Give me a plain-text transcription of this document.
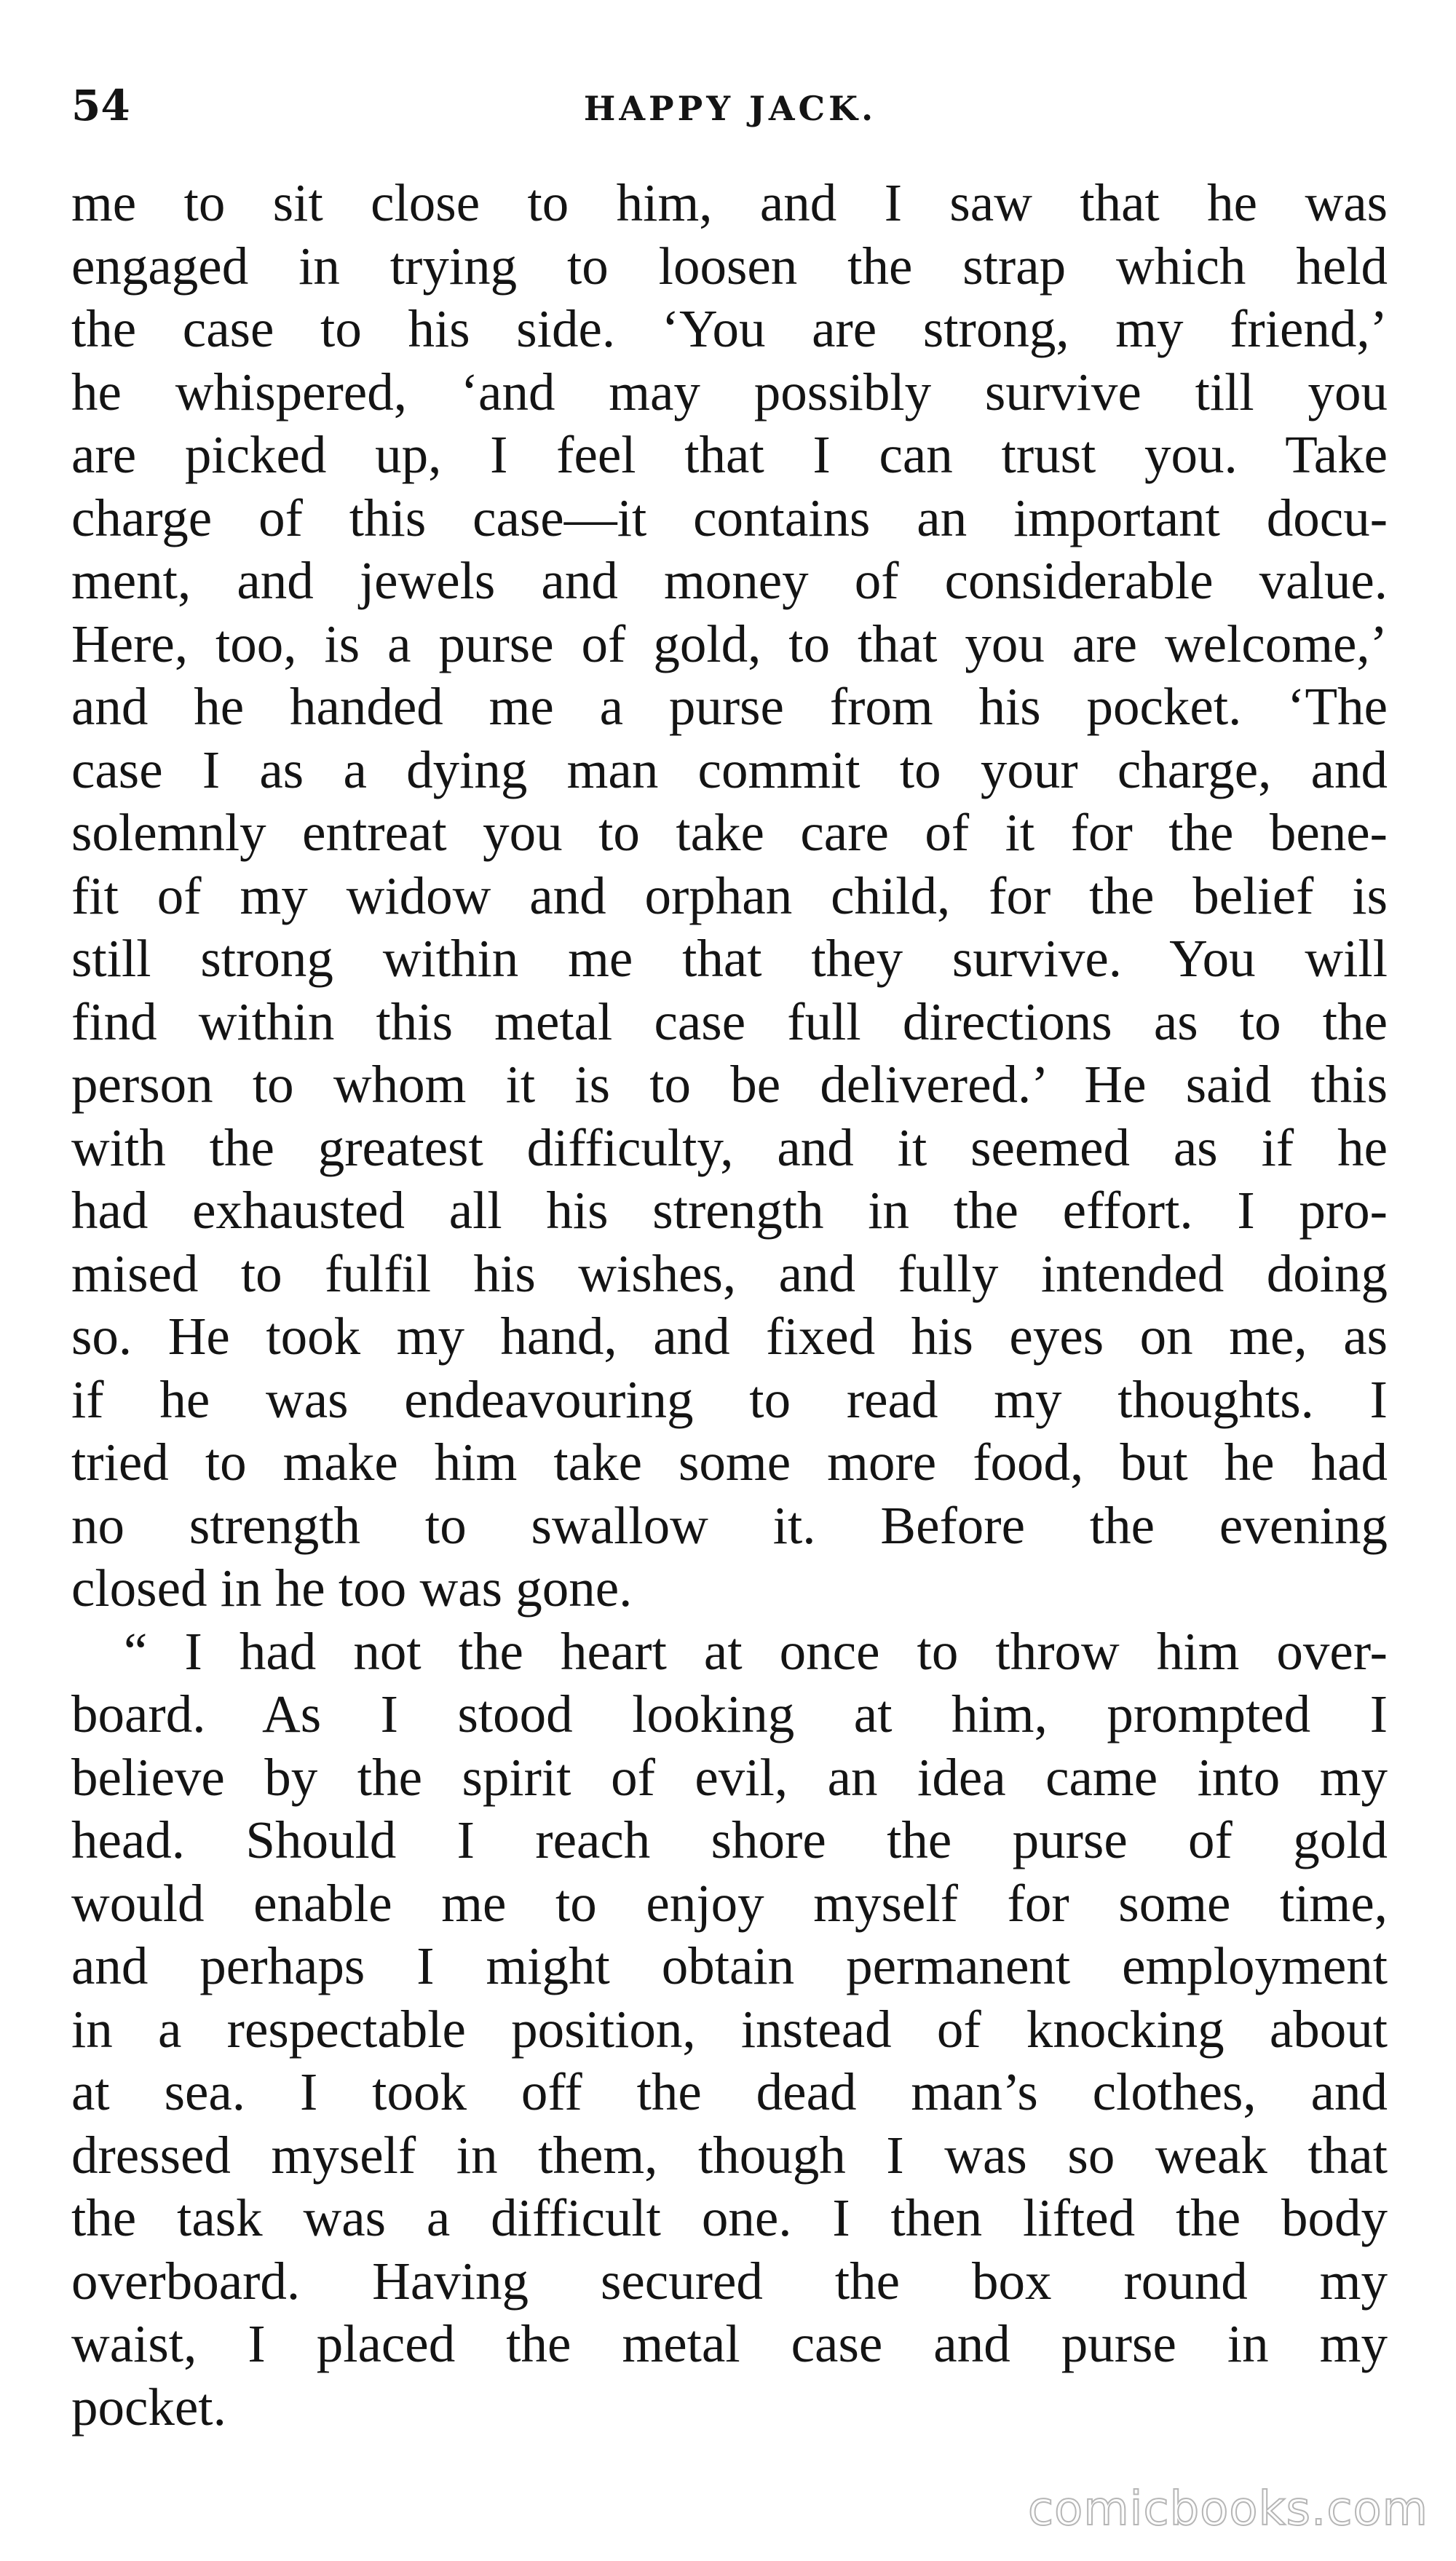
54	HAPPY JACK.
me to sit close to him, and I saw that he was
engaged in trying to loosen the strap which held
the case to his side. ‘You are strong, my friend,’
he whispered, ‘and may possibly survive till you
are picked up, I feel that I can trust you. Take
charge of this case—it contains an important docu-
ment, and jewels and money of considerable value.
Here, too, is a purse of gold, to that you are welcome,’
and he handed me a purse from his pocket. ‘The
case I as a dying man commit to your charge, and
solemnly entreat you to take care of it for the bene-
fit of my widow and orphan child, for the belief is
still strong within me that they survive. You will
find within this metal case full directions as to the
person to whom it is to be delivered.’ He said this
with the greatest difficulty, and it seemed as if he
had exhausted all his strength in the effort. I pro-
mised to fulfil his wishes, and fully intended doing
so. He took my hand, and fixed his eyes on me, as
if he was endeavouring to read my thoughts. I
tried to make him take some more food, but he had
no strength to swallow it. Before the evening
closed in he too was gone.
“ I had not the heart at once to throw him over-
board. As I stood looking at him, prompted I
believe by the spirit of evil, an idea came into my
head. Should I reach shore the purse of gold
would enable me to enjoy myself for some time,
and perhaps I might obtain permanent employment
in a respectable position, instead of knocking about
at sea. I took off the dead man’s clothes, and
dressed myself in them, though I was so weak that
the task was a difficult one. I then lifted the body
overboard. Having secured the box round my
waist, I placed the metal case and purse in my
pocket.
comicbooks.com
